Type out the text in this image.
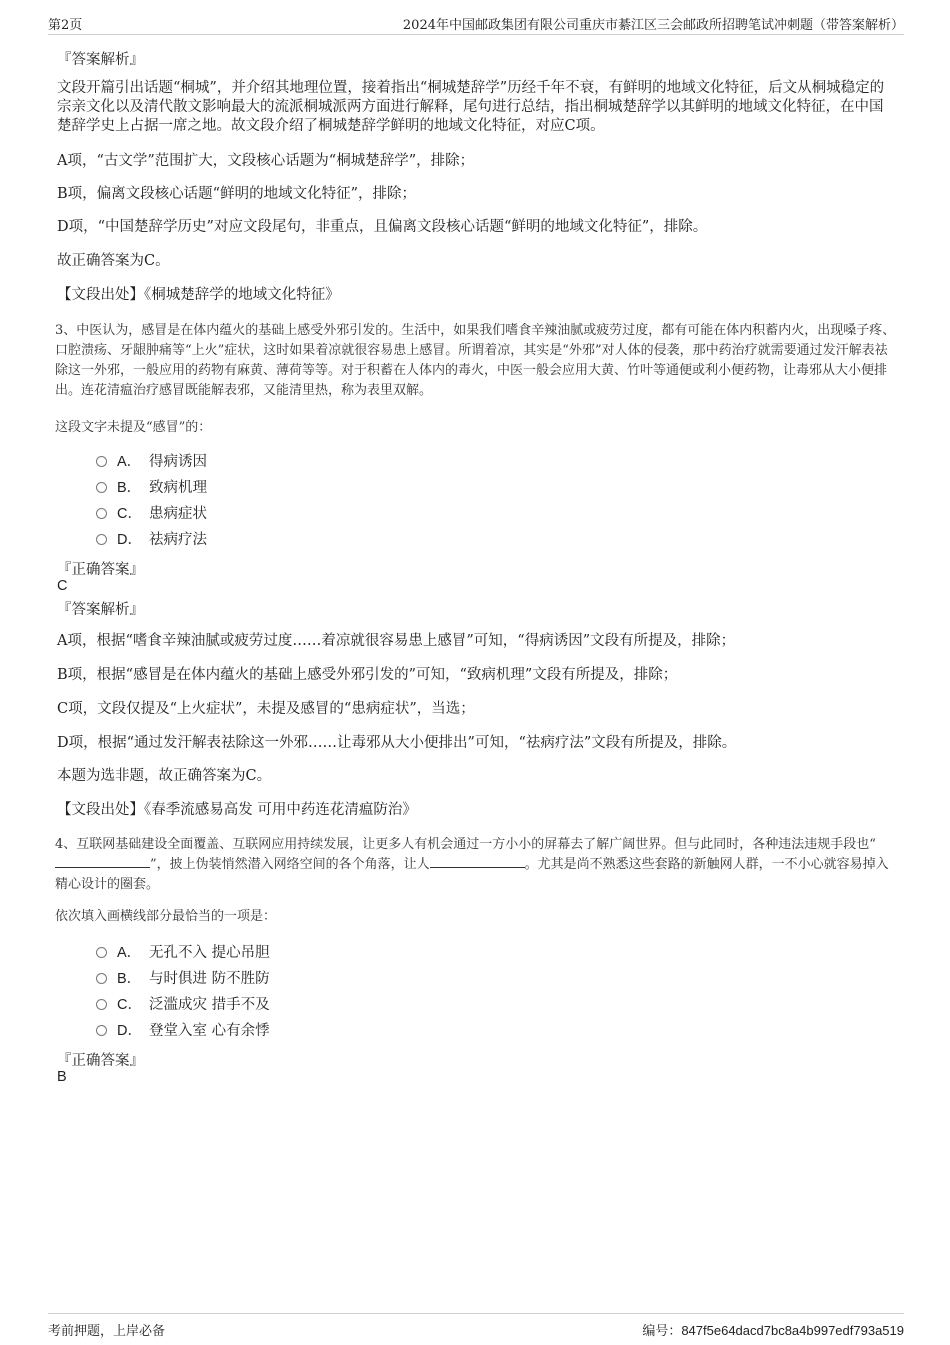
第2页	2024年中国邮政集团有限公司重庆市綦江区三会邮政所招聘笔试冲刺题（带答案解析）
『答案解析』
文段开篇引出话题“桐城”，并介绍其地理位置，接着指出“桐城楚辞学”历经千年不衰，有鲜明的地域文化特征，后文从桐城稳定的宗亲文化以及清代散文影响最大的流派桐城派两方面进行解释，尾句进行总结，指出桐城楚辞学以其鲜明的地域文化特征，在中国楚辞学史上占据一席之地。故文段介绍了桐城楚辞学鲜明的地域文化特征，对应C项。
A项，“古文学”范围扩大，文段核心话题为“桐城楚辞学”，排除；
B项，偏离文段核心话题“鲜明的地域文化特征”，排除；
D项，“中国楚辞学历史”对应文段尾句，非重点，且偏离文段核心话题“鲜明的地域文化特征”，排除。
故正确答案为C。
【文段出处】《桐城楚辞学的地域文化特征》
3、中医认为，感冒是在体内蕴火的基础上感受外邪引发的。生活中，如果我们嗜食辛辣油腻或疲劳过度，都有可能在体内积蓄内火，出现嗓子疼、口腔溃疡、牙龈肿痛等“上火”症状，这时如果着凉就很容易患上感冒。所谓着凉，其实是“外邪”对人体的侵袭，那中药治疗就需要通过发汗解表祛除这一外邪，一般应用的药物有麻黄、薄荷等等。对于积蓄在人体内的毒火，中医一般会应用大黄、竹叶等通便或利小便药物，让毒邪从大小便排出。连花清瘟治疗感冒既能解表邪，又能清里热，称为表里双解。
这段文字未提及“感冒”的：
A． 得病诱因
B． 致病机理
C． 患病症状
D． 祛病疗法
『正确答案』
C
『答案解析』
A项，根据“嗜食辛辣油腻或疲劳过度……着凉就很容易患上感冒”可知，“得病诱因”文段有所提及，排除；
B项，根据“感冒是在体内蕴火的基础上感受外邪引发的”可知，“致病机理”文段有所提及，排除；
C项，文段仅提及“上火症状”，未提及感冒的“患病症状”，当选；
D项，根据“通过发汗解表祛除这一外邪……让毒邪从大小便排出”可知，“祛病疗法”文段有所提及，排除。
本题为选非题，故正确答案为C。
【文段出处】《春季流感易高发 可用中药连花清瘟防治》
4、互联网基础建设全面覆盖、互联网应用持续发展，让更多人有机会通过一方小小的屏幕去了解广阔世界。但与此同时，各种违法违规手段也“”，披上伪装悄然潜入网络空间的各个角落，让人	。尤其是尚不熟悉这些套路的新触网人群，一不小心就容易掉入精心设计的圈套。
依次填入画横线部分最恰当的一项是：
A． 无孔不入 提心吊胆
B． 与时俱进 防不胜防
C． 泛滥成灾 措手不及
D． 登堂入室 心有余悸
『正确答案』
B
考前押题，上岸必备	编号：847f5e64dacd7bc8a4b997edf793a519
